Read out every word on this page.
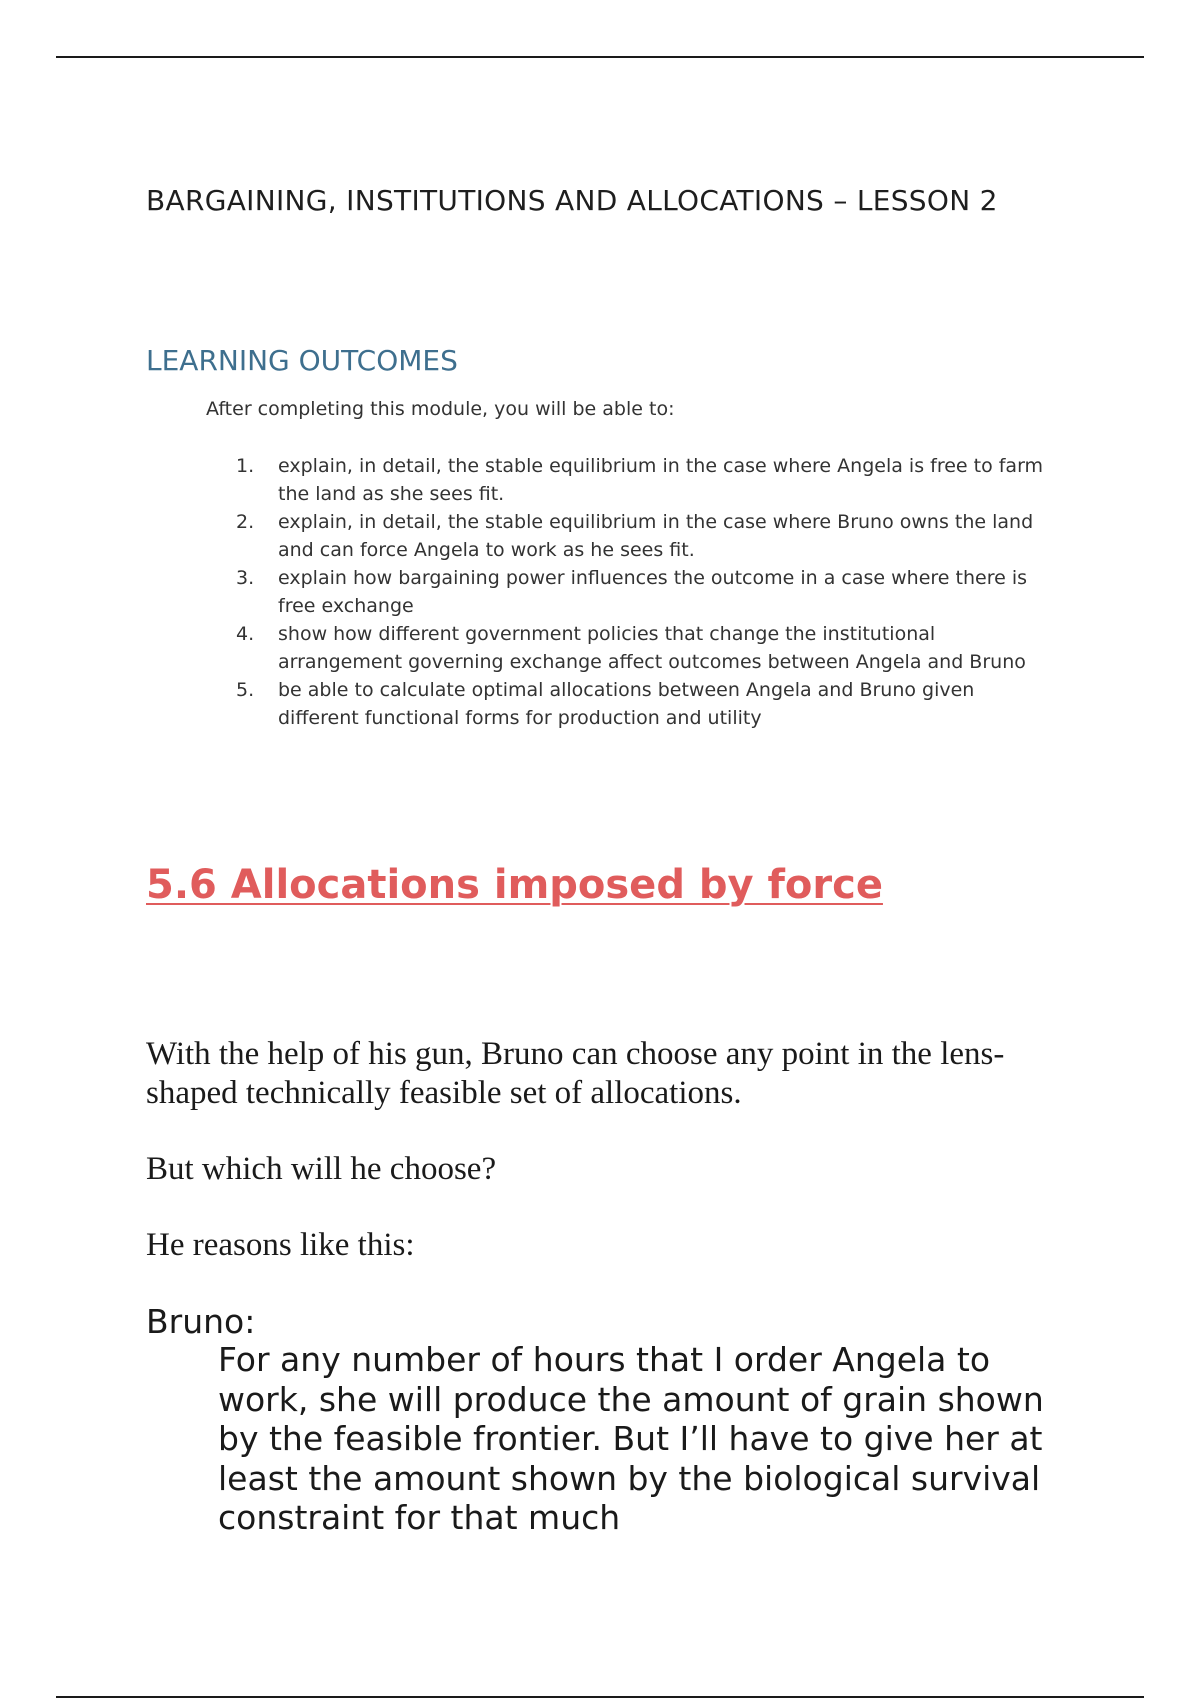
BARGAINING, INSTITUTIONS AND ALLOCATIONS – LESSON 2
LEARNING OUTCOMES
After completing this module, you will be able to:
1. explain, in detail, the stable equilibrium in the case where Angela is free to farm the land as she sees fit.
2. explain, in detail, the stable equilibrium in the case where Bruno owns the land and can force Angela to work as he sees fit.
3. explain how bargaining power influences the outcome in a case where there is free exchange
4. show how different government policies that change the institutional arrangement governing exchange affect outcomes between Angela and Bruno
5. be able to calculate optimal allocations between Angela and Bruno given different functional forms for production and utility
5.6 Allocations imposed by force

With the help of his gun, Bruno can choose any point in the lens-shaped technically feasible set of allocations.

But which will he choose?

He reasons like this:

Bruno:
For any number of hours that I order Angela to work, she will produce the amount of grain shown by the feasible frontier. But I’ll have to give her at least the amount shown by the biological survival constraint for that much
